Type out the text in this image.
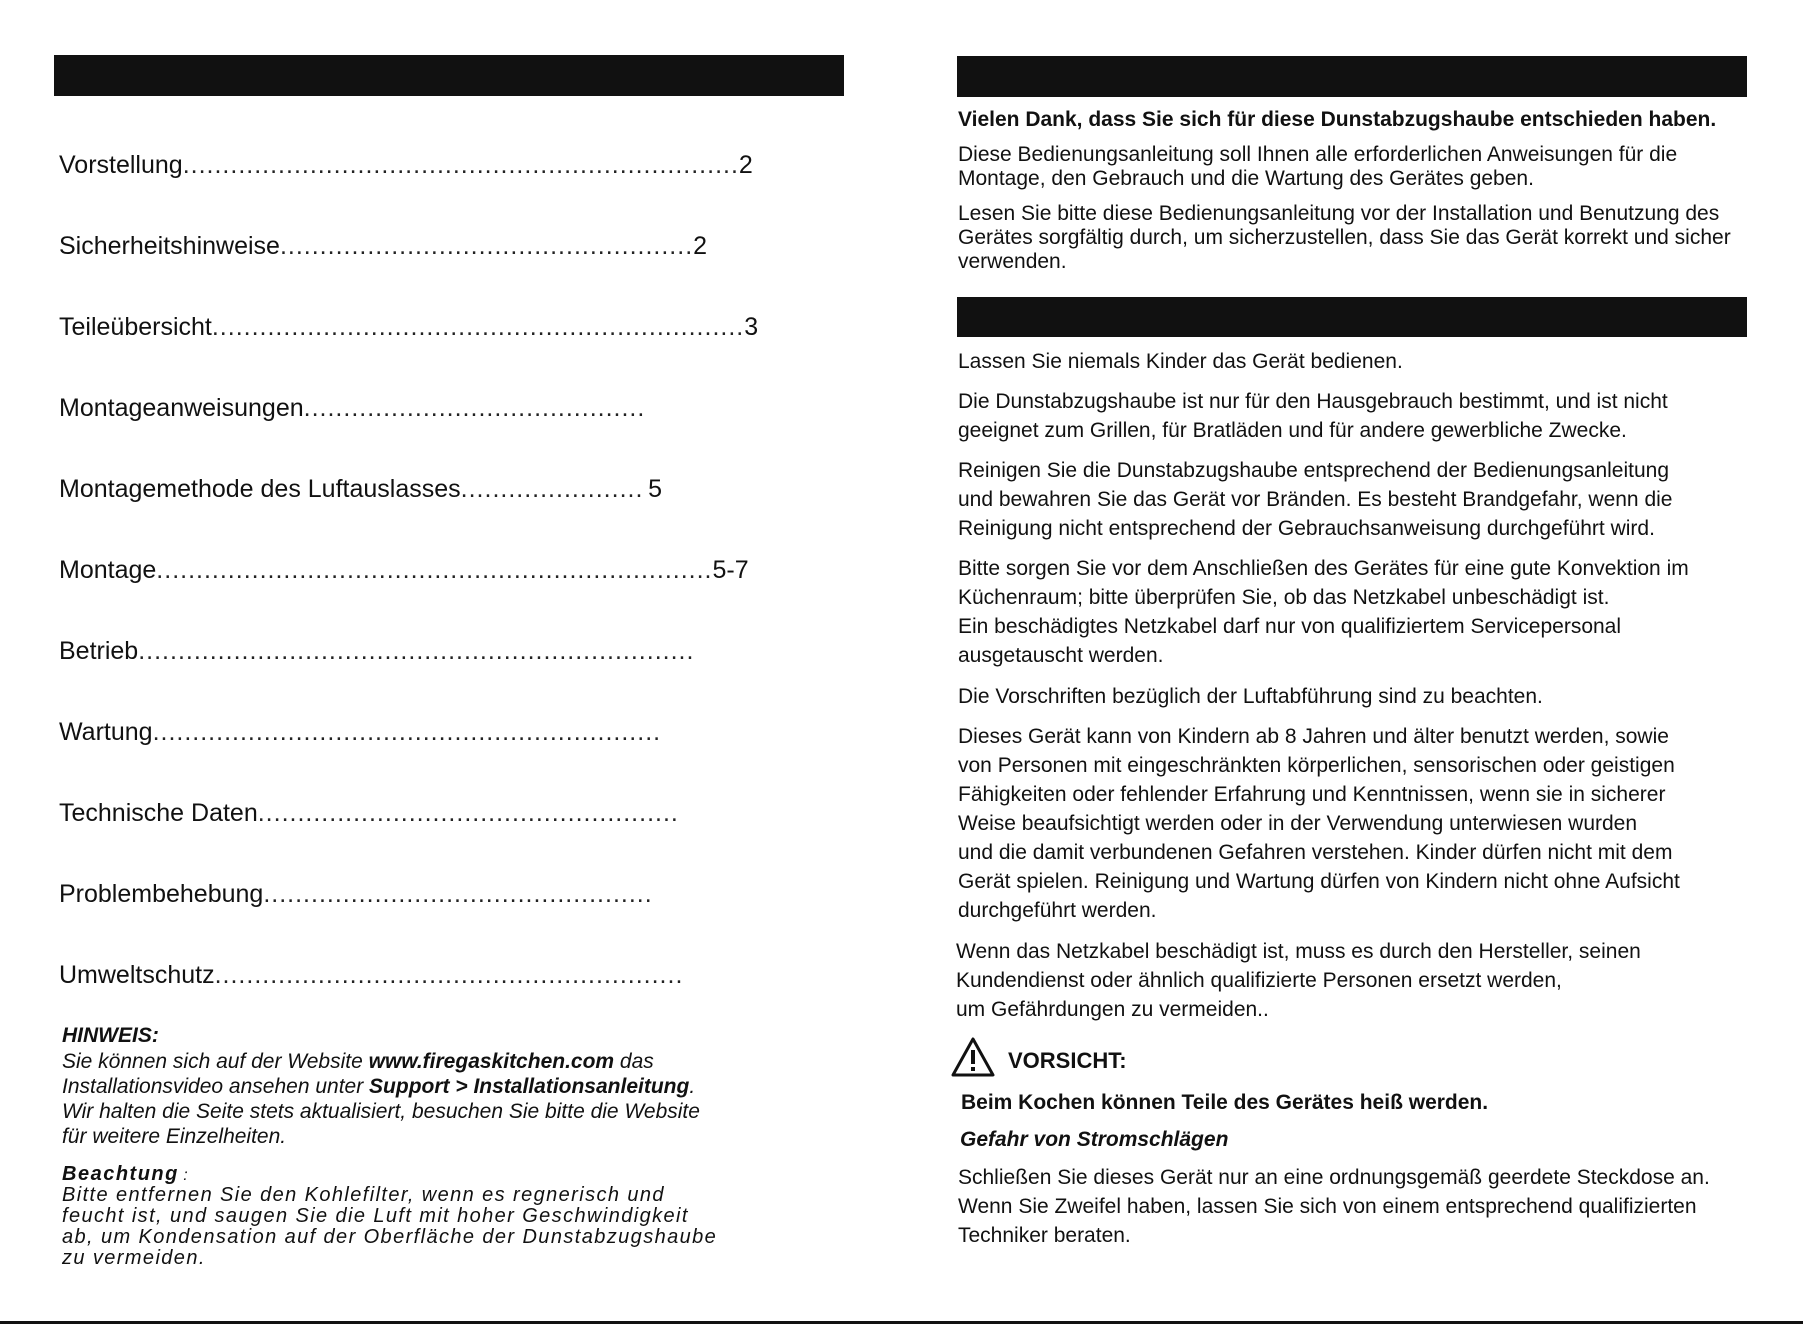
Vorstellung ...................................................................... 2
Sicherheitshinweise .................................................... 2
Teileübersicht ................................................................... 3
Montageanweisungen ...........................................
Montagemethode des Luftauslasses ....................... 5
Montage ...................................................................... 5-7
Betrieb ......................................................................
Wartung ................................................................
Technische Daten .....................................................
Problembehebung .................................................
Umweltschutz ...........................................................
HINWEIS:
Sie können sich auf der Website www.firegaskitchen.com das
Installationsvideo ansehen unter Support > Installationsanleitung.
Wir halten die Seite stets aktualisiert, besuchen Sie bitte die Website
für weitere Einzelheiten.
Beachtung :
Bitte entfernen Sie den Kohlefilter, wenn es regnerisch und
feucht ist, und saugen Sie die Luft mit hoher Geschwindigkeit
ab, um Kondensation auf der Oberfläche der Dunstabzugshaube
zu vermeiden.
Vielen Dank, dass Sie sich für diese Dunstabzugshaube entschieden haben.
Diese Bedienungsanleitung soll Ihnen alle erforderlichen Anweisungen für die
Montage, den Gebrauch und die Wartung des Gerätes geben.
Lesen Sie bitte diese Bedienungsanleitung vor der Installation und Benutzung des
Gerätes sorgfältig durch, um sicherzustellen, dass Sie das Gerät korrekt und sicher
verwenden.
Lassen Sie niemals Kinder das Gerät bedienen.
Die Dunstabzugshaube ist nur für den Hausgebrauch bestimmt, und ist nicht
geeignet zum Grillen, für Bratläden und für andere gewerbliche Zwecke.
Reinigen Sie die Dunstabzugshaube entsprechend der Bedienungsanleitung
und bewahren Sie das Gerät vor Bränden. Es besteht Brandgefahr, wenn die
Reinigung nicht entsprechend der Gebrauchsanweisung durchgeführt wird.
Bitte sorgen Sie vor dem Anschließen des Gerätes für eine gute Konvektion im
Küchenraum; bitte überprüfen Sie, ob das Netzkabel unbeschädigt ist.
Ein beschädigtes Netzkabel darf nur von qualifiziertem Servicepersonal
ausgetauscht werden.
Die Vorschriften bezüglich der Luftabführung sind zu beachten.
Dieses Gerät kann von Kindern ab 8 Jahren und älter benutzt werden, sowie
von Personen mit eingeschränkten körperlichen, sensorischen oder geistigen
Fähigkeiten oder fehlender Erfahrung und Kenntnissen, wenn sie in sicherer
Weise beaufsichtigt werden oder in der Verwendung unterwiesen wurden
und die damit verbundenen Gefahren verstehen. Kinder dürfen nicht mit dem
Gerät spielen. Reinigung und Wartung dürfen von Kindern nicht ohne Aufsicht
durchgeführt werden.
Wenn das Netzkabel beschädigt ist, muss es durch den Hersteller, seinen
Kundendienst oder ähnlich qualifizierte Personen ersetzt werden,
um Gefährdungen zu vermeiden..
VORSICHT:
Beim Kochen können Teile des Gerätes heiß werden.
Gefahr von Stromschlägen
Schließen Sie dieses Gerät nur an eine ordnungsgemäß geerdete Steckdose an.
Wenn Sie Zweifel haben, lassen Sie sich von einem entsprechend qualifizierten
Techniker beraten.
